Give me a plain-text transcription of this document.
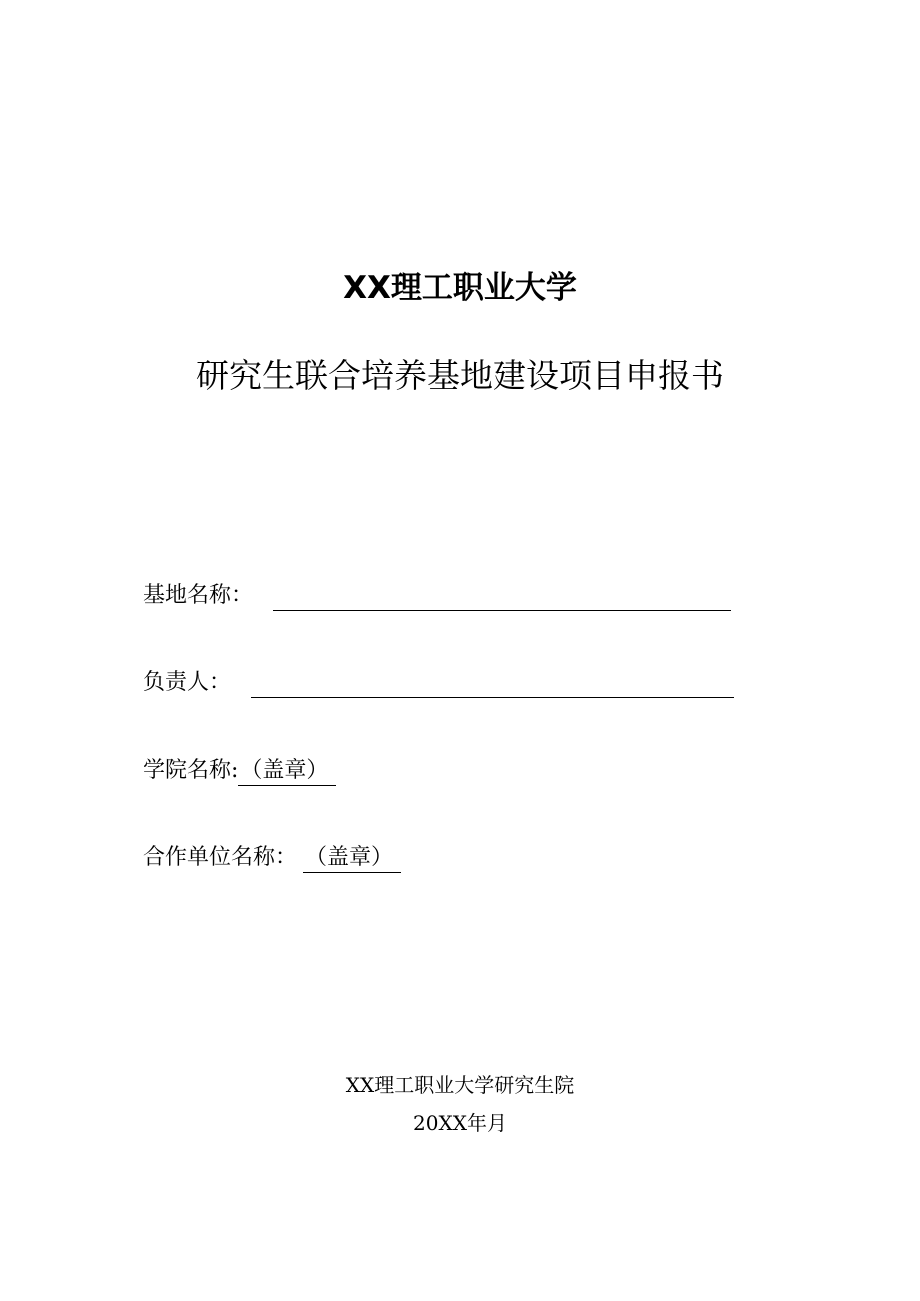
XX理工职业大学
研究生联合培养基地建设项目申报书
基地名称：
负责人：
学院名称:（盖章）
合作单位名称： （盖章）
XX理工职业大学研究生院
20XX年月
